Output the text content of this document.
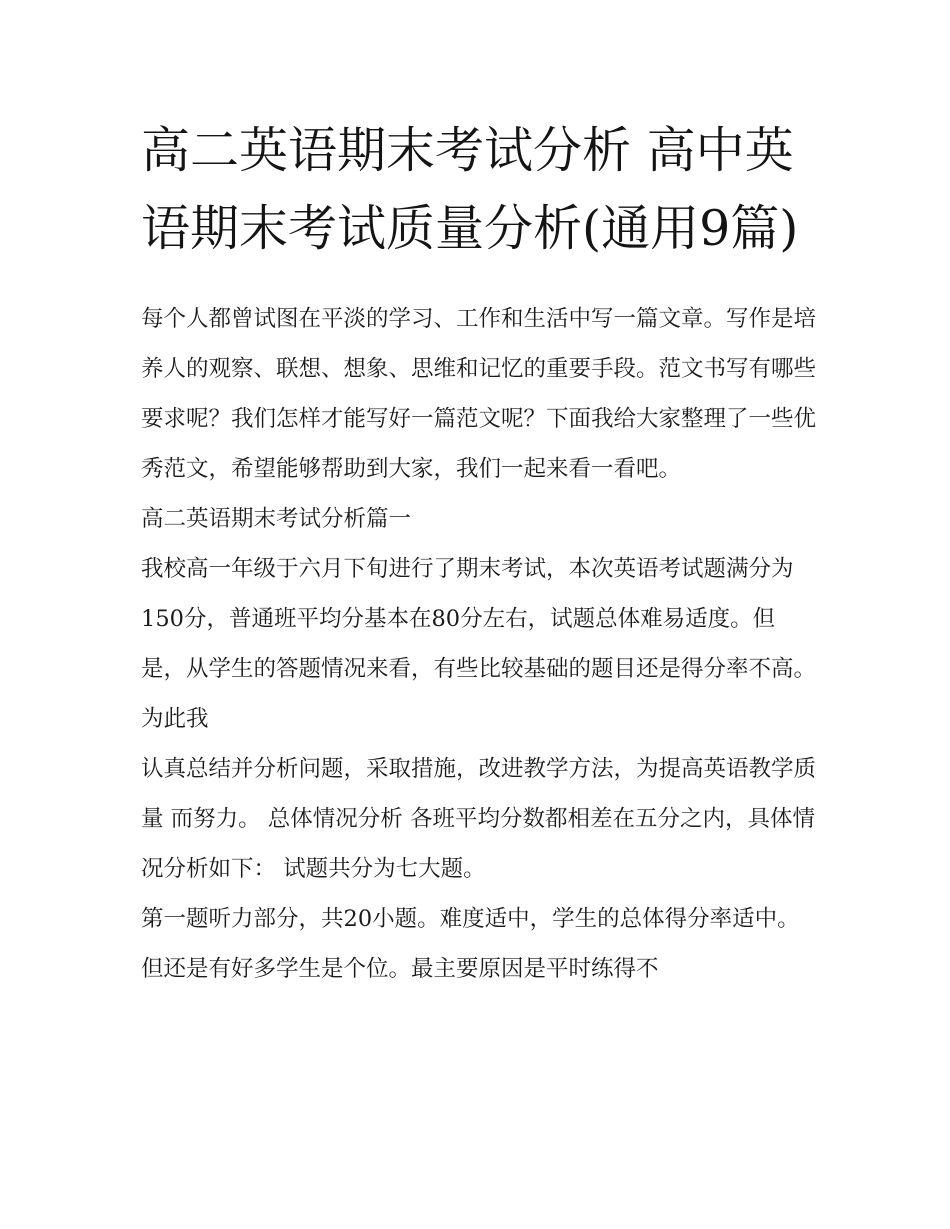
高二英语期末考试分析 高中英语期末考试质量分析(通用9篇)

每个人都曾试图在平淡的学习、工作和生活中写一篇文章。写作是培养人的观察、联想、想象、思维和记忆的重要手段。范文书写有哪些要求呢？我们怎样才能写好一篇范文呢？下面我给大家整理了一些优秀范文，希望能够帮助到大家，我们一起来看一看吧。

高二英语期末考试分析篇一

我校高一年级于六月下旬进行了期末考试，本次英语考试题满分为150分，普通班平均分基本在80分左右，试题总体难易适度。但是，从学生的答题情况来看，有些比较基础的题目还是得分率不高。为此我

认真总结并分析问题，采取措施，改进教学方法，为提高英语教学质量 而努力。 总体情况分析 各班平均分数都相差在五分之内，具体情况分析如下： 试题共分为七大题。

第一题听力部分，共20小题。难度适中，学生的总体得分率适中。但还是有好多学生是个位。最主要原因是平时练得不
